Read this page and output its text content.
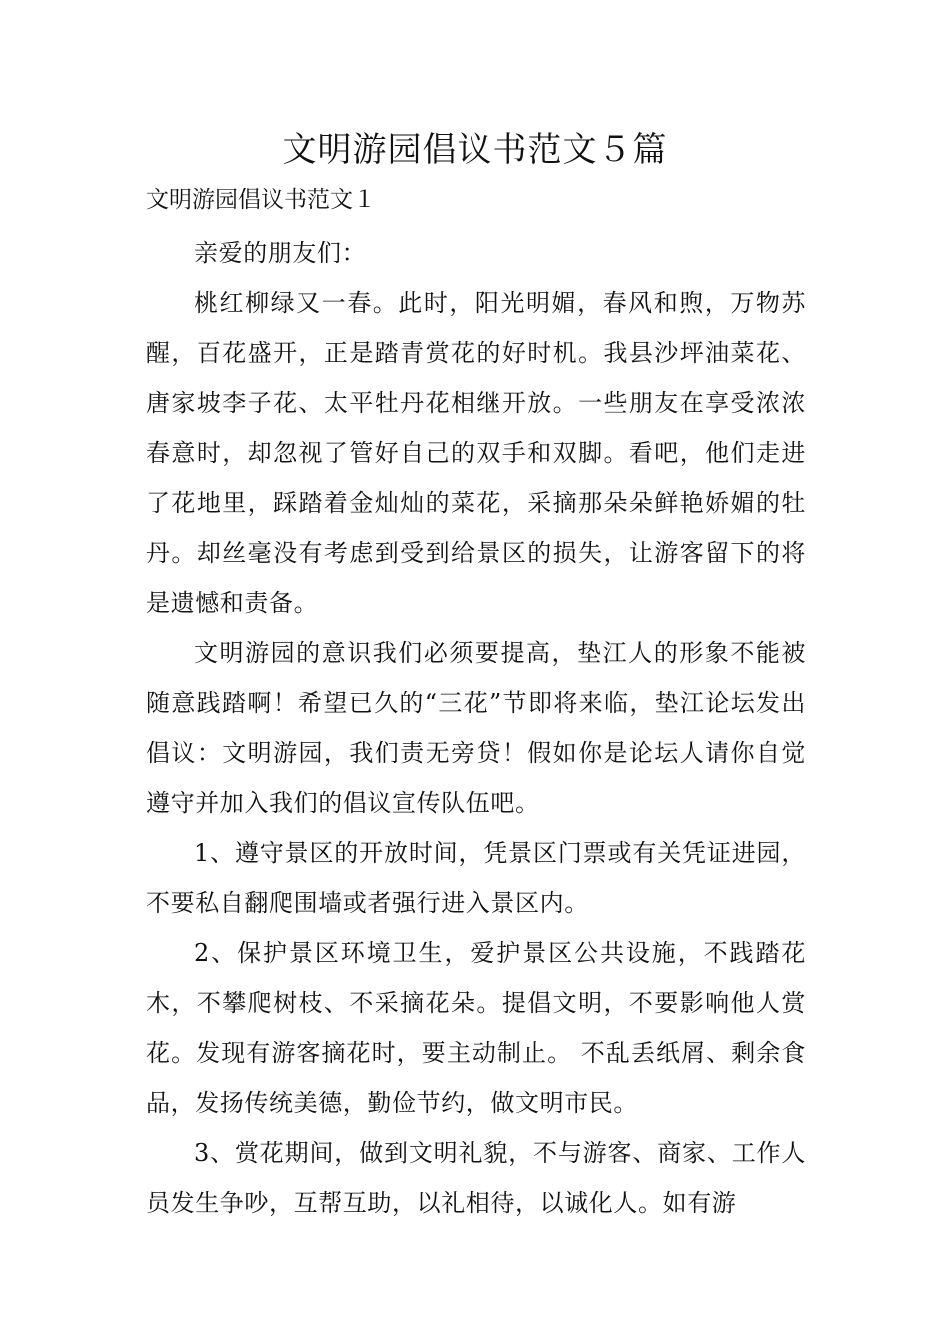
文明游园倡议书范文５篇

文明游园倡议书范文１

亲爱的朋友们：

桃红柳绿又一春。此时，阳光明媚，春风和煦，万物苏醒，百花盛开，正是踏青赏花的好时机。我县沙坪油菜花、唐家坡李子花、太平牡丹花相继开放。一些朋友在享受浓浓春意时，却忽视了管好自己的双手和双脚。看吧，他们走进了花地里，踩踏着金灿灿的菜花，采摘那朵朵鲜艳娇媚的牡丹。却丝毫没有考虑到受到给景区的损失，让游客留下的将是遗憾和责备。

文明游园的意识我们必须要提高，垫江人的形象不能被随意践踏啊！希望已久的“三花”节即将来临，垫江论坛发出倡议：文明游园，我们责无旁贷！假如你是论坛人请你自觉遵守并加入我们的倡议宣传队伍吧。

1、遵守景区的开放时间，凭景区门票或有关凭证进园，不要私自翻爬围墙或者强行进入景区内。

2、保护景区环境卫生，爱护景区公共设施，不践踏花木，不攀爬树枝、不采摘花朵。提倡文明，不要影响他人赏花。发现有游客摘花时，要主动制止。 不乱丢纸屑、剩余食品，发扬传统美德，勤俭节约，做文明市民。

3、赏花期间，做到文明礼貌，不与游客、商家、工作人员发生争吵，互帮互助，以礼相待，以诚化人。如有游
